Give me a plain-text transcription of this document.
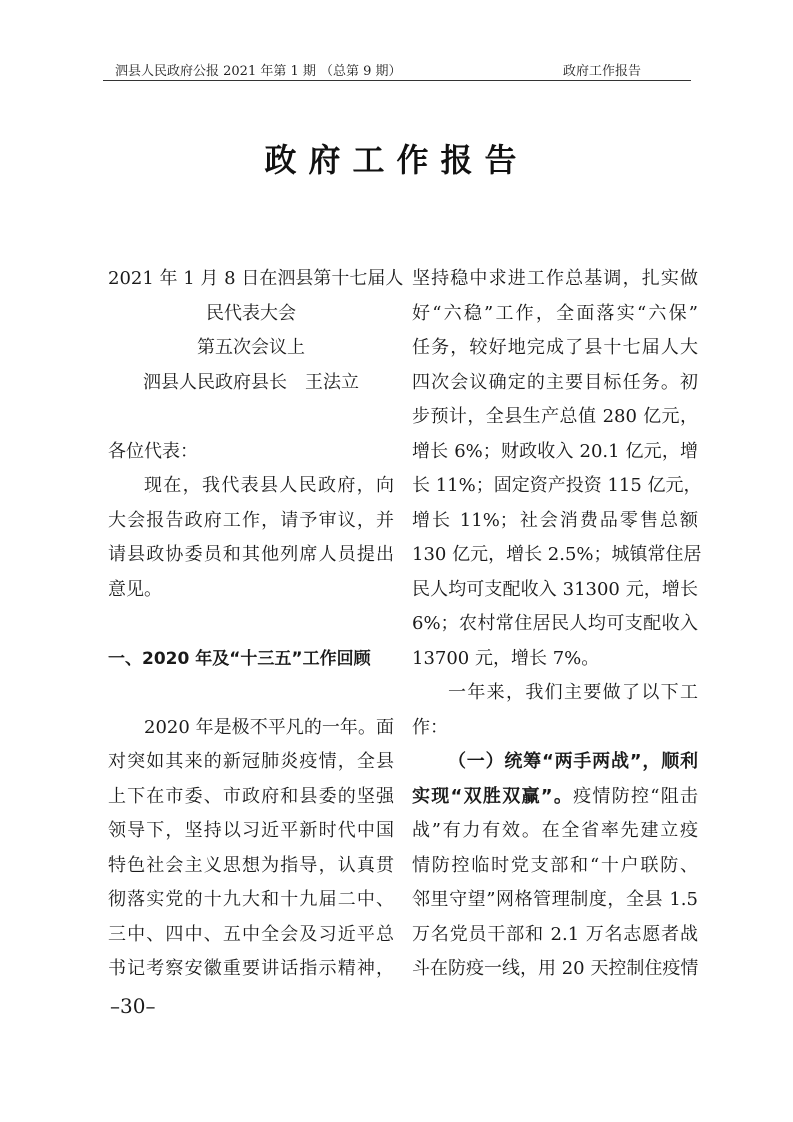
泗县人民政府公报 2021 年第 1 期 （总第 9 期）	政府工作报告
政府工作报告
2021 年 1 月 8 日在泗县第十七届人
民代表大会
第五次会议上
泗县人民政府县长　王法立
各位代表：
现在，我代表县人民政府，向
大会报告政府工作，请予审议，并
请县政协委员和其他列席人员提出
意见。
一、2020 年及“十三五”工作回顾
2020 年是极不平凡的一年。面
对突如其来的新冠肺炎疫情，全县
上下在市委、市政府和县委的坚强
领导下，坚持以习近平新时代中国
特色社会主义思想为指导，认真贯
彻落实党的十九大和十九届二中、
三中、四中、五中全会及习近平总
书记考察安徽重要讲话指示精神，
坚持稳中求进工作总基调，扎实做
好“六稳”工作，全面落实“六保”
任务，较好地完成了县十七届人大
四次会议确定的主要目标任务。初
步预计，全县生产总值 280 亿元，
增长 6%；财政收入 20.1 亿元，增
长 11%；固定资产投资 115 亿元，
增长 11%；社会消费品零售总额
130 亿元，增长 2.5%；城镇常住居
民人均可支配收入 31300 元，增长
6%；农村常住居民人均可支配收入
13700 元，增长 7%。
一年来，我们主要做了以下工
作：
（一）统筹“两手两战”，顺利
实现“双胜双赢”。疫情防控“阻击
战”有力有效。在全省率先建立疫
情防控临时党支部和“十户联防、
邻里守望”网格管理制度，全县 1.5
万名党员干部和 2.1 万名志愿者战
斗在防疫一线，用 20 天控制住疫情
–30–
